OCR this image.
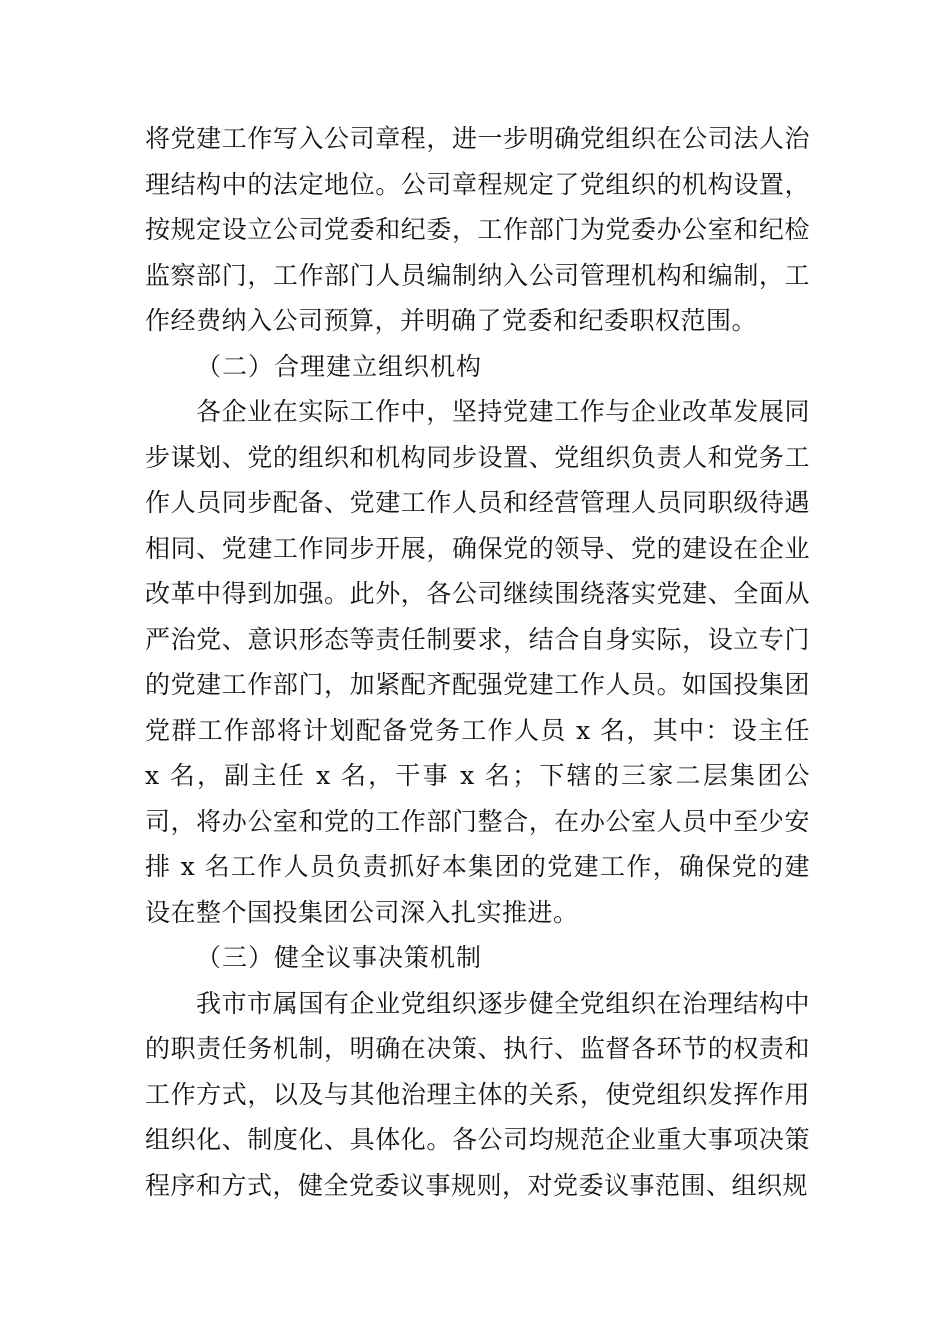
将党建工作写入公司章程，进一步明确党组织在公司法人治理结构中的法定地位。公司章程规定了党组织的机构设置，按规定设立公司党委和纪委，工作部门为党委办公室和纪检监察部门，工作部门人员编制纳入公司管理机构和编制，工作经费纳入公司预算，并明确了党委和纪委职权范围。

（二）合理建立组织机构

各企业在实际工作中，坚持党建工作与企业改革发展同步谋划、党的组织和机构同步设置、党组织负责人和党务工作人员同步配备、党建工作人员和经营管理人员同职级待遇相同、党建工作同步开展，确保党的领导、党的建设在企业改革中得到加强。此外，各公司继续围绕落实党建、全面从严治党、意识形态等责任制要求，结合自身实际，设立专门的党建工作部门，加紧配齐配强党建工作人员。如国投集团党群工作部将计划配备党务工作人员 x 名，其中：设主任 x 名，副主任 x 名，干事 x 名；下辖的三家二层集团公司，将办公室和党的工作部门整合，在办公室人员中至少安排 x 名工作人员负责抓好本集团的党建工作，确保党的建设在整个国投集团公司深入扎实推进。

（三）健全议事决策机制

我市市属国有企业党组织逐步健全党组织在治理结构中的职责任务机制，明确在决策、执行、监督各环节的权责和工作方式，以及与其他治理主体的关系，使党组织发挥作用组织化、制度化、具体化。各公司均规范企业重大事项决策程序和方式，健全党委议事规则，对党委议事范围、组织规
